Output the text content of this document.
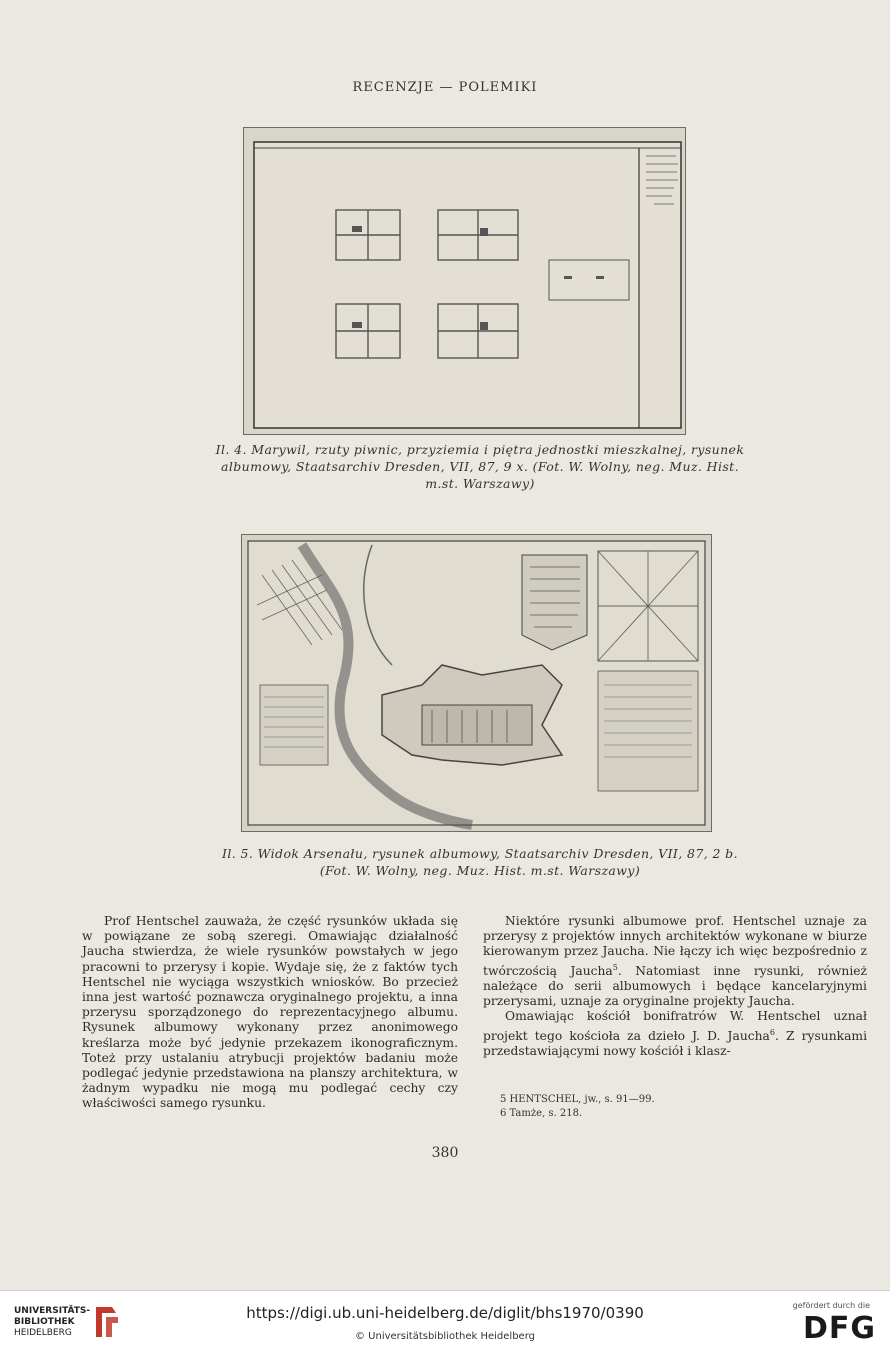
RECENZJE — POLEMIKI
Il. 4. Marywil, rzuty piwnic, przyziemia i piętra jednostki mieszkalnej, rysunek
albumowy, Staatsarchiv Dresden, VII, 87, 9 x. (Fot. W. Wolny, neg. Muz. Hist.
m.st. Warszawy)
Il. 5. Widok Arsenału, rysunek albumowy, Staatsarchiv Dresden, VII, 87, 2 b.
(Fot. W. Wolny, neg. Muz. Hist. m.st. Warszawy)

Prof Hentschel zauważa, że część rysunków układa się w powiązane ze sobą szeregi. Omawiając działalność Jaucha stwierdza, że wiele rysunków powstałych w jego pracowni to przerysy i kopie. Wydaje się, że z faktów tych Hentschel nie wyciąga wszystkich wniosków. Bo przecież inna jest wartość poznawcza oryginalnego projektu, a inna przerysu sporządzonego do reprezentacyjnego albumu. Rysunek albumowy wykonany przez anonimowego kreślarza może być jedynie przekazem ikonograficznym. Toteż przy ustalaniu atrybucji projektów badaniu może podlegać jedynie przedstawiona na planszy architektura, w żadnym wypadku nie mogą mu podlegać cechy czy właściwości samego rysunku.

Niektóre rysunki albumowe prof. Hentschel uznaje za przerysy z projektów innych architektów wykonane w biurze kierowanym przez Jaucha. Nie łączy ich więc bezpośrednio z twórczością Jaucha$^5$. Natomiast inne rysunki, również należące do serii albumowych i będące kancelaryjnymi przerysami, uznaje za oryginalne projekty Jaucha.

Omawiając kościół bonifratrów W. Hentschel uznał projekt tego kościoła za dzieło J. D. Jaucha$^6$. Z rysunkami przedstawiającymi nowy kościół i klasz-

5 HENTSCHEL, jw., s. 91—99.
6 Tamże, s. 218.
380
UNIVERSITÄTS-
BIBLIOTHEK
HEIDELBERG
https://digi.ub.uni-heidelberg.de/diglit/bhs1970/0390
© Universitätsbibliothek Heidelberg
gefördert durch die
DFG
